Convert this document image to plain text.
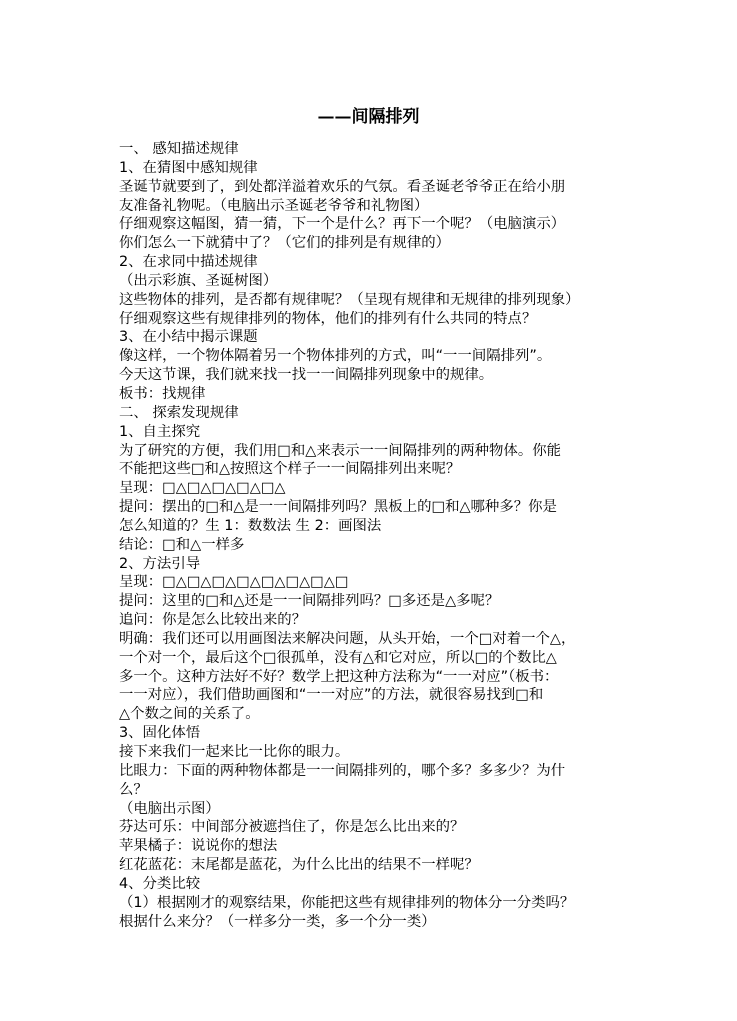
——间隔排列
一、 感知描述规律
1、在猜图中感知规律
圣诞节就要到了，到处都洋溢着欢乐的气氛。看圣诞老爷爷正在给小朋
友准备礼物呢。（电脑出示圣诞老爷爷和礼物图）
仔细观察这幅图，猜一猜，下一个是什么？再下一个呢？（电脑演示）
你们怎么一下就猜中了？（它们的排列是有规律的）
2、在求同中描述规律
（出示彩旗、圣诞树图）
这些物体的排列，是否都有规律呢？（呈现有规律和无规律的排列现象）
仔细观察这些有规律排列的物体，他们的排列有什么共同的特点？
3、在小结中揭示课题
像这样，一个物体隔着另一个物体排列的方式，叫“一一间隔排列”。
今天这节课，我们就来找一找一一间隔排列现象中的规律。
板书：找规律
二、 探索发现规律
1、自主探究
为了研究的方便，我们用□和△来表示一一间隔排列的两种物体。你能
不能把这些□和△按照这个样子一一间隔排列出来呢？
呈现：□△□△□△□△□△
提问：摆出的□和△是一一间隔排列吗？黑板上的□和△哪种多？你是
怎么知道的？生 1：数数法 生 2：画图法
结论：□和△一样多
2、方法引导
呈现：□△□△□△□△□△□△□△□
提问：这里的□和△还是一一间隔排列吗？□多还是△多呢？
追问：你是怎么比较出来的？
明确：我们还可以用画图法来解决问题，从头开始，一个□对着一个△，
一个对一个，最后这个□很孤单，没有△和它对应，所以□的个数比△
多一个。这种方法好不好？数学上把这种方法称为“一一对应”（板书：
一一对应），我们借助画图和“一一对应”的方法，就很容易找到□和
△个数之间的关系了。
3、固化体悟
接下来我们一起来比一比你的眼力。
比眼力：下面的两种物体都是一一间隔排列的，哪个多？多多少？为什
么？
（电脑出示图）
芬达可乐：中间部分被遮挡住了，你是怎么比出来的？
苹果橘子：说说你的想法
红花蓝花：末尾都是蓝花，为什么比出的结果不一样呢？
4、分类比较
（1）根据刚才的观察结果，你能把这些有规律排列的物体分一分类吗？
根据什么来分？（一样多分一类，多一个分一类）
